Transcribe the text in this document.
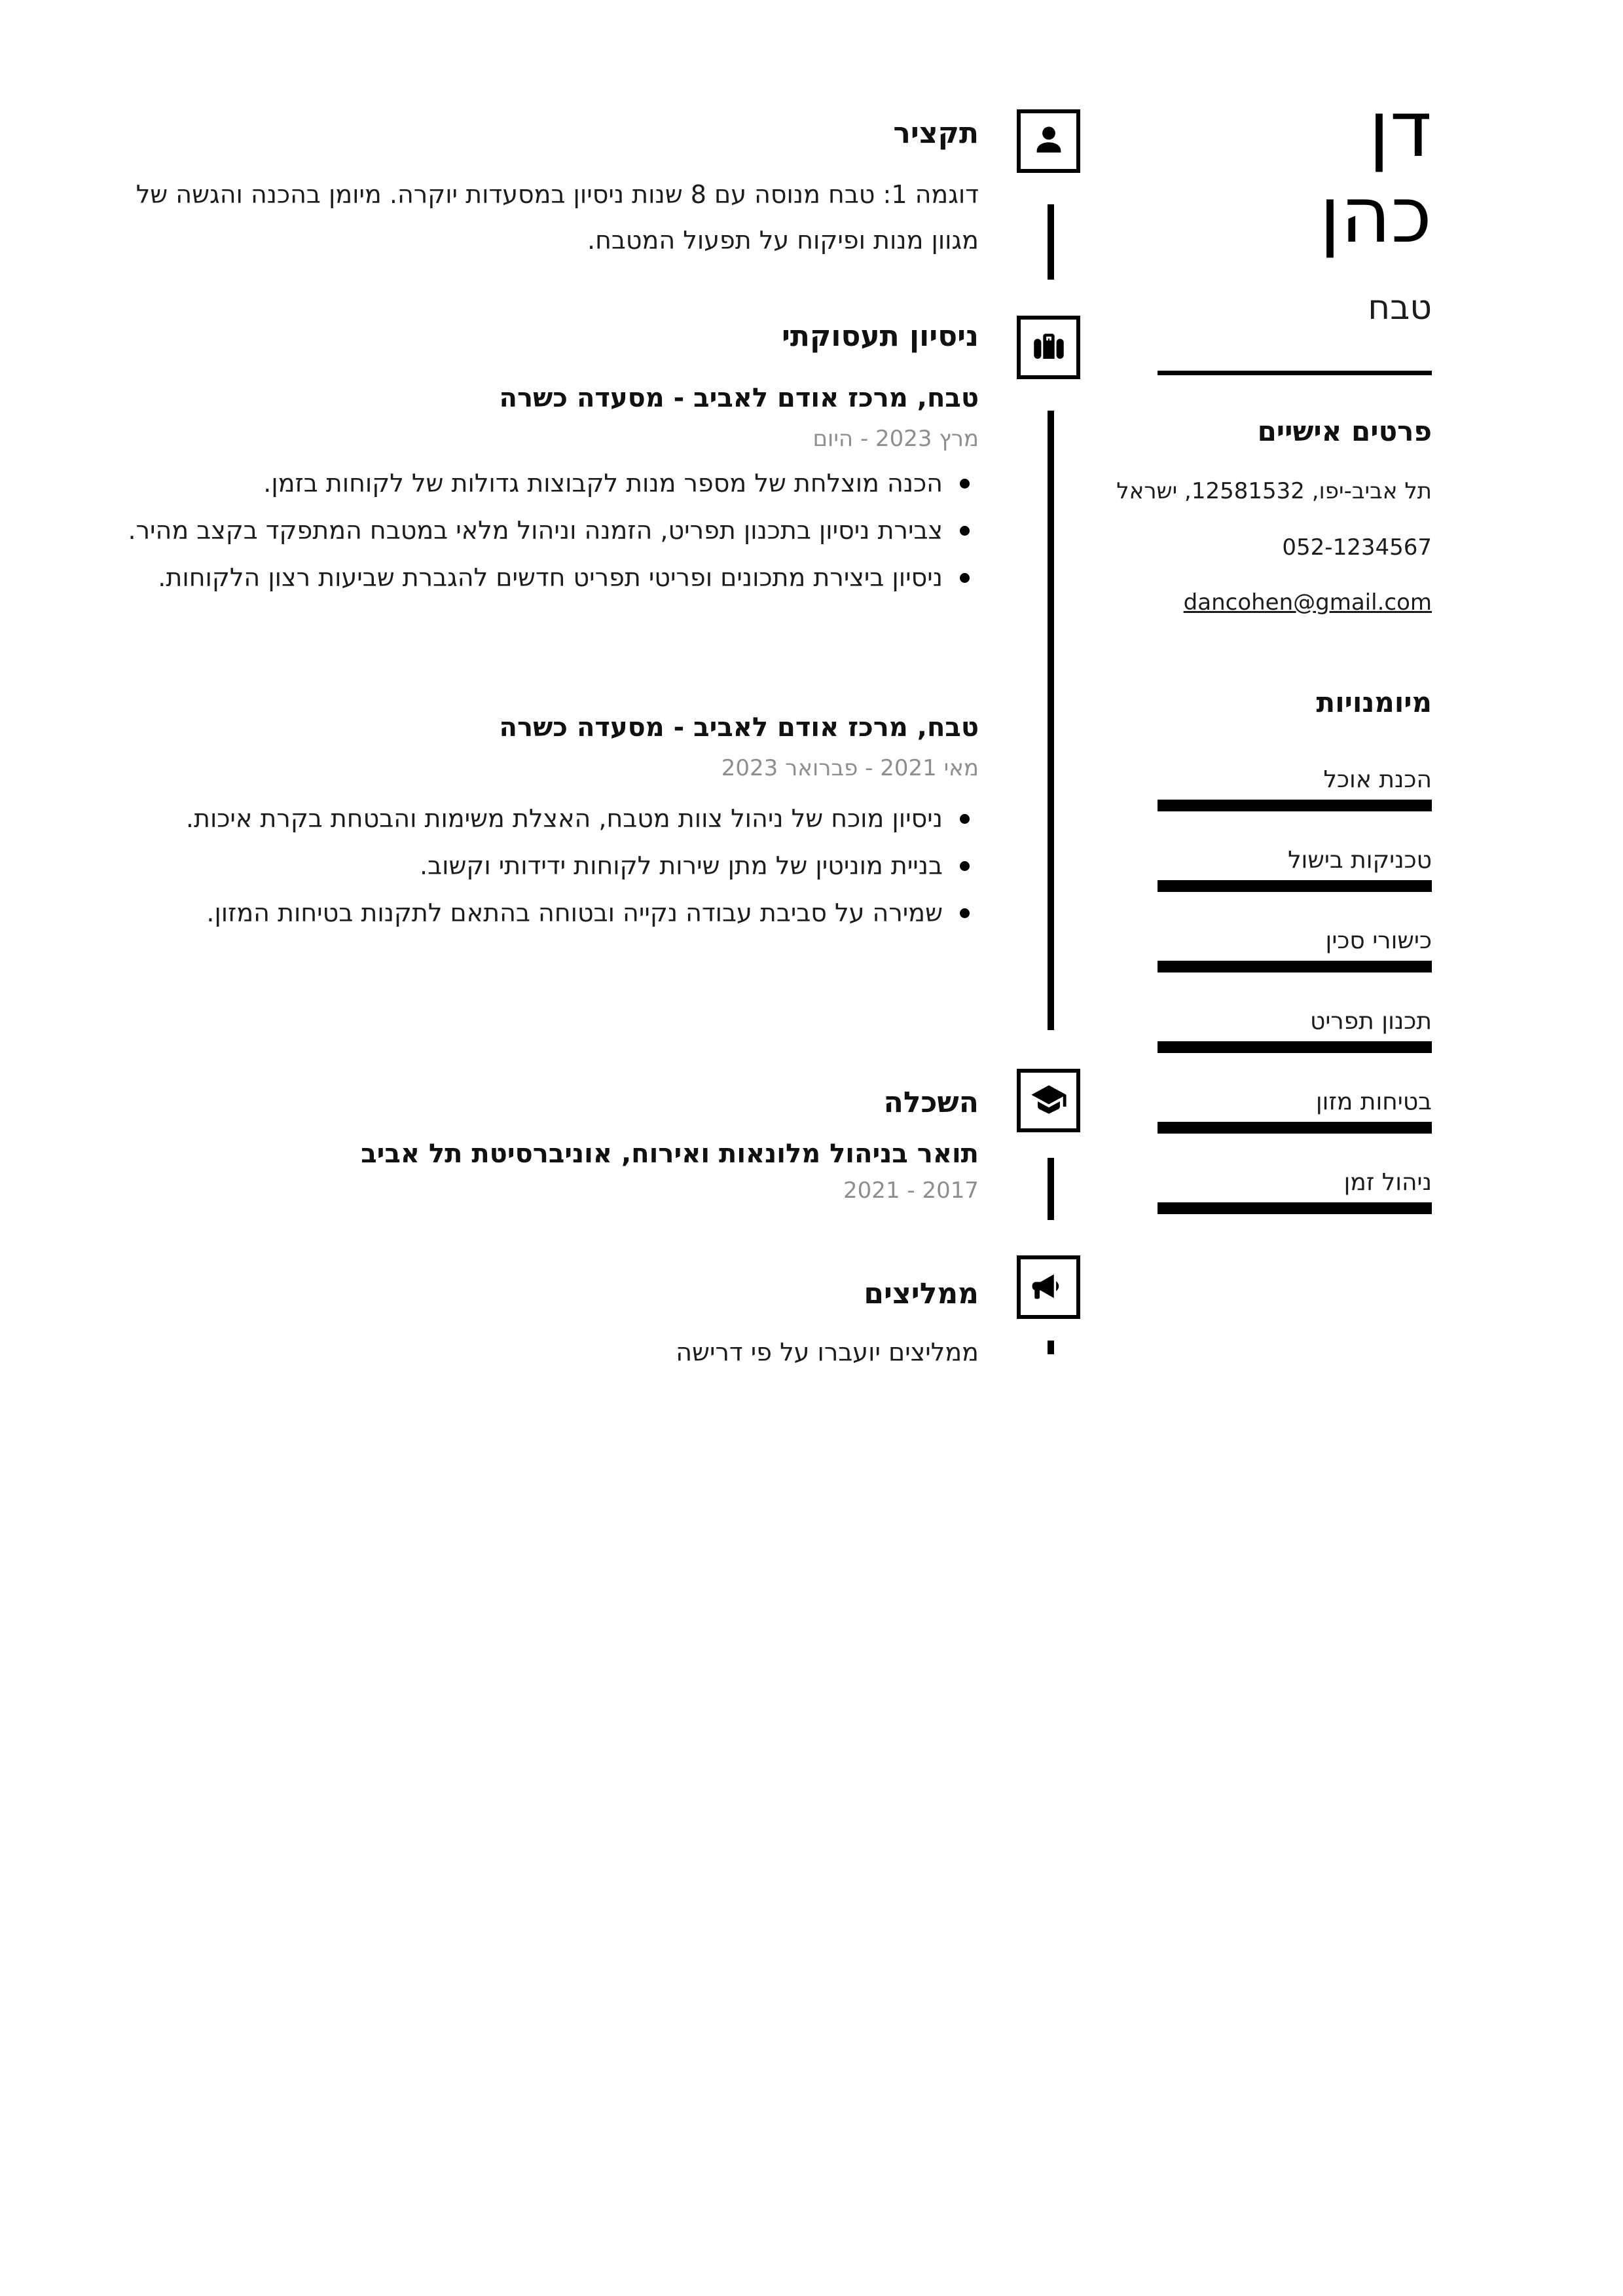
תקציר
דוגמה 1: טבח מנוסה עם 8 שנות ניסיון במסעדות יוקרה. מיומן בהכנה והגשה של מגוון מנות ופיקוח על תפעול המטבח.
ניסיון תעסוקתי
טבח, מרכז אודם לאביב - מסעדה כשרה
מרץ 2023 - היום
הכנה מוצלחת של מספר מנות לקבוצות גדולות של לקוחות בזמן.
צבירת ניסיון בתכנון תפריט, הזמנה וניהול מלאי במטבח המתפקד בקצב מהיר.
ניסיון ביצירת מתכונים ופריטי תפריט חדשים להגברת שביעות רצון הלקוחות.
טבח, מרכז אודם לאביב - מסעדה כשרה
מאי 2021 - פברואר 2023
ניסיון מוכח של ניהול צוות מטבח, האצלת משימות והבטחת בקרת איכות.
בניית מוניטין של מתן שירות לקוחות ידידותי וקשוב.
שמירה על סביבת עבודה נקייה ובטוחה בהתאם לתקנות בטיחות המזון.
השכלה
תואר בניהול מלונאות ואירוח, אוניברסיטת תל אביב
2017 - 2021
ממליצים
ממליצים יועברו על פי דרישה
דן
כהן
טבח
פרטים אישיים
תל אביב-יפו, 12581532, ישראל
052-1234567
dancohen@gmail.com
מיומנויות
הכנת אוכל
טכניקות בישול
כישורי סכין
תכנון תפריט
בטיחות מזון
ניהול זמן
